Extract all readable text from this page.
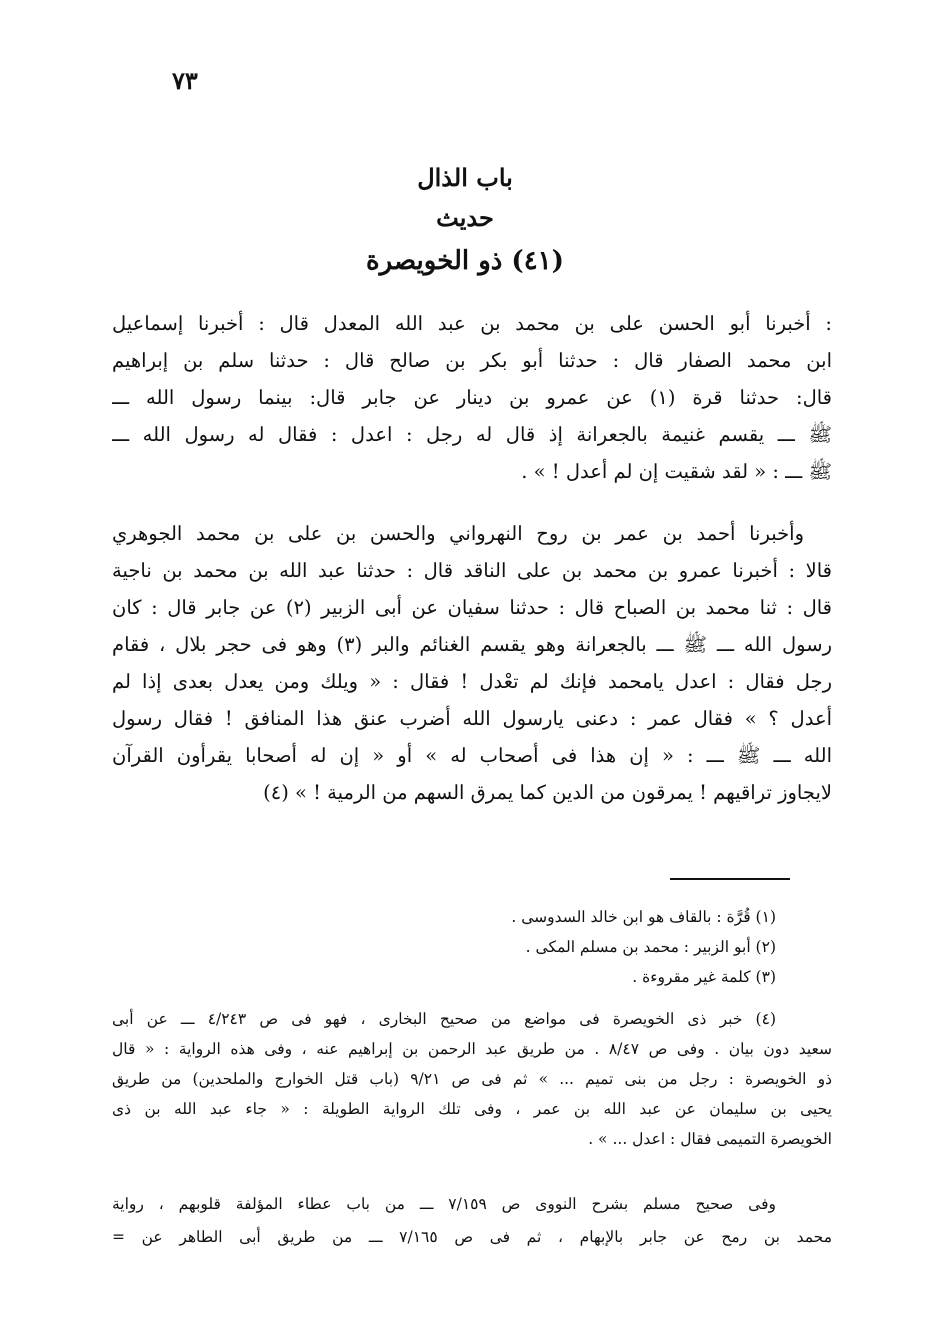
٧٣
باب الذال
حديث
(٤١) ذو الخويصرة
: أخبرنا أبو الحسن على بن محمد بن عبد الله المعدل قال : أخبرنا إسماعيل
ابن محمد الصفار قال : حدثنا أبو بكر بن صالح قال : حدثنا سلم بن إبراهيم
قال: حدثنا قرة (١) عن عمرو بن دينار عن جابر قال: بينما رسول الله ـــ
ﷺ ـــ يقسم غنيمة بالجعرانة إذ قال له رجل : اعدل : فقال له رسول الله ـــ
ﷺ ـــ : « لقد شقيت إن لم أعدل ! » .
وأخبرنا أحمد بن عمر بن روح النهرواني والحسن بن على بن محمد الجوهري
قالا : أخبرنا عمرو بن محمد بن على الناقد قال : حدثنا عبد الله بن محمد بن ناجية
قال : ثنا محمد بن الصباح قال : حدثنا سفيان عن أبى الزبير (٢) عن جابر قال : كان
رسول الله ـــ ﷺ ـــ بالجعرانة وهو يقسم الغنائم والبر (٣) وهو فى حجر بلال ، فقام
رجل فقال : اعدل يامحمد فإنك لم تعْدل ! فقال : « ويلك ومن يعدل بعدى إذا لم
أعدل ؟ » فقال عمر : دعنى يارسول الله أضرب عنق هذا المنافق ! فقال رسول
الله ـــ ﷺ ـــ : « إن هذا فى أصحاب له » أو « إن له أصحابا يقرأون القرآن
لايجاوز تراقيهم ! يمرقون من الدين كما يمرق السهم من الرمية ! » (٤)
(١) قُرَّة : بالقاف هو ابن خالد السدوسى .
(٢) أبو الزبير : محمد بن مسلم المكى .
(٣) كلمة غير مقروءة .
(٤) خبر ذى الخويصرة فى مواضع من صحيح البخارى ، فهو فى ص ٤/٢٤٣ ـــ عن أبى
سعيد دون بيان . وفى ص ٨/٤٧ . من طريق عبد الرحمن بن إبراهيم عنه ، وفى هذه الرواية : « قال
ذو الخويصرة : رجل من بنى تميم ... » ثم فى ص ٩/٢١ (باب قتل الخوارج والملحدين) من طريق
يحيى بن سليمان عن عبد الله بن عمر ، وفى تلك الرواية الطويلة : « جاء عبد الله بن ذى
الخويصرة التميمى فقال : اعدل ... » .
وفى صحيح مسلم بشرح النووى ص ٧/١٥٩ ـــ من باب عطاء المؤلفة قلوبهم ، رواية
محمد بن رمح عن جابر بالإبهام ، ثم فى ص ٧/١٦٥ ـــ من طريق أبى الطاهر عن =
